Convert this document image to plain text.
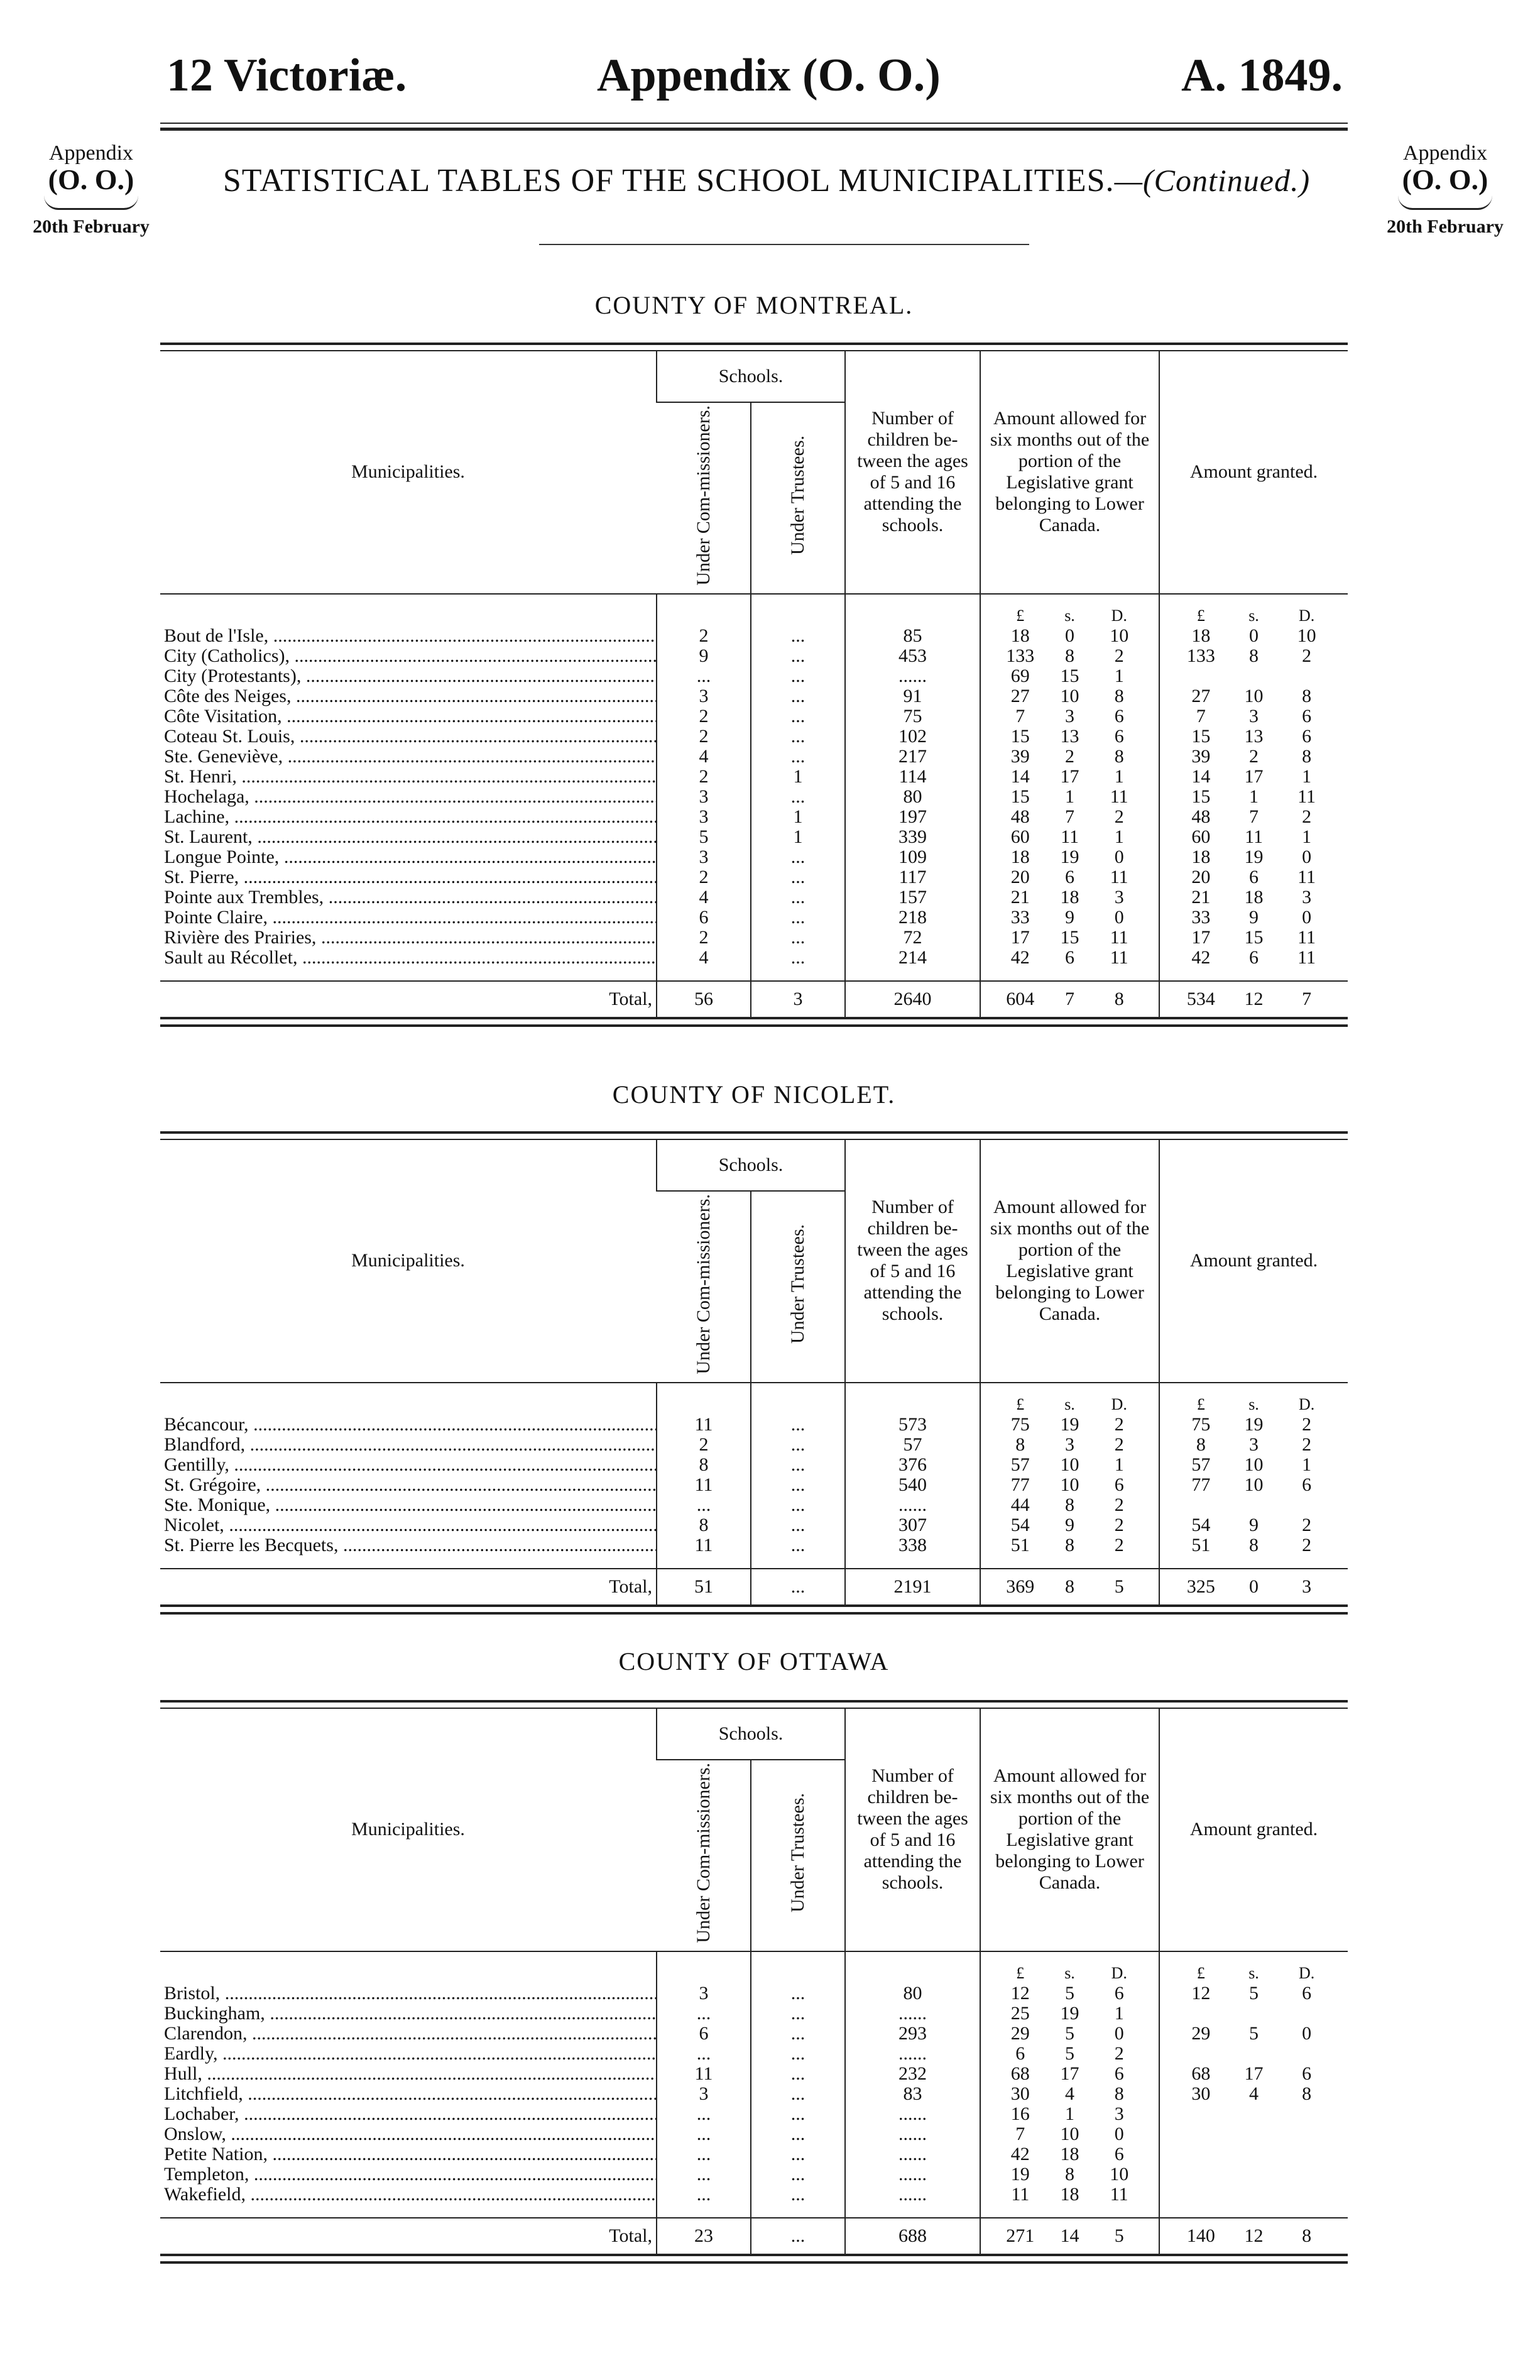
12 Victoriæ.	Appendix (O. O.)	A. 1849.
Appendix
(O. O.)
20th February
Appendix
(O. O.)
20th February
STATISTICAL TABLES OF THE SCHOOL MUNICIPALITIES.—(Continued.)
COUNTY OF MONTREAL.
Municipalities.	Schools.		Number of children be-tween the ages of 5 and 16 attending the schools.	Amount allowed for six months out of the portion of the Legislative grant belonging to Lower Canada.	Amount granted.
	Under Com-missioners.	Under Trustees.			

				£ s. D.	£ s. D.

Bout de l'Isle, .....	2	...	85	18 0 10	18 0 10

City (Catholics), .....	9	...	453	133 8 2	133 8 2

City (Protestants), .....	...	...	......	69 15 1	

Côte des Neiges, .....	3	...	91	27 10 8	27 10 8

Côte Visitation, .....	2	...	75	7 3 6	7 3 6

Coteau St. Louis, .....	2	...	102	15 13 6	15 13 6

Ste. Geneviève, .....	4	...	217	39 2 8	39 2 8

St. Henri, .....	2	1	114	14 17 1	14 17 1

Hochelaga, .....	3	...	80	15 1 11	15 1 11

Lachine, .....	3	1	197	48 7 2	48 7 2

St. Laurent, .....	5	1	339	60 11 1	60 11 1

Longue Pointe, .....	3	...	109	18 19 0	18 19 0

St. Pierre, .....	2	...	117	20 6 11	20 6 11

Pointe aux Trembles, .....	4	...	157	21 18 3	21 18 3

Pointe Claire, .....	6	...	218	33 9 0	33 9 0

Rivière des Prairies, .....	2	...	72	17 15 11	17 15 11

Sault au Récollet, .....	4	...	214	42 6 11	42 6 11

Total,	56	3	2640	604 7 8	534 12 7
COUNTY OF NICOLET.
Municipalities.	Schools.		Number of children be-tween the ages of 5 and 16 attending the schools.	Amount allowed for six months out of the portion of the Legislative grant belonging to Lower Canada.	Amount granted.
	Under Com-missioners.	Under Trustees.			

				£ s. D.	£ s. D.

Bécancour, .....	11	...	573	75 19 2	75 19 2

Blandford, .....	2	...	57	8 3 2	8 3 2

Gentilly, .....	8	...	376	57 10 1	57 10 1

St. Grégoire, .....	11	...	540	77 10 6	77 10 6

Ste. Monique, .....	...	...	......	44 8 2	

Nicolet, .....	8	...	307	54 9 2	54 9 2

St. Pierre les Becquets, .....	11	...	338	51 8 2	51 8 2

Total,	51	...	2191	369 8 5	325 0 3
COUNTY OF OTTAWA
Municipalities.	Schools.		Number of children be-tween the ages of 5 and 16 attending the schools.	Amount allowed for six months out of the portion of the Legislative grant belonging to Lower Canada.	Amount granted.
	Under Com-missioners.	Under Trustees.			

				£ s. D.	£ s. D.

Bristol, .....	3	...	80	12 5 6	12 5 6

Buckingham, .....	...	...	......	25 19 1	

Clarendon, .....	6	...	293	29 5 0	29 5 0

Eardly, .....	...	...	......	6 5 2	

Hull, .....	11	...	232	68 17 6	68 17 6

Litchfield, .....	3	...	83	30 4 8	30 4 8

Lochaber, .....	...	...	......	16 1 3	

Onslow, .....	...	...	......	7 10 0	

Petite Nation, .....	...	...	......	42 18 6	

Templeton, .....	...	...	......	19 8 10	

Wakefield, .....	...	...	......	11 18 11	

Total,	23	...	688	271 14 5	140 12 8
